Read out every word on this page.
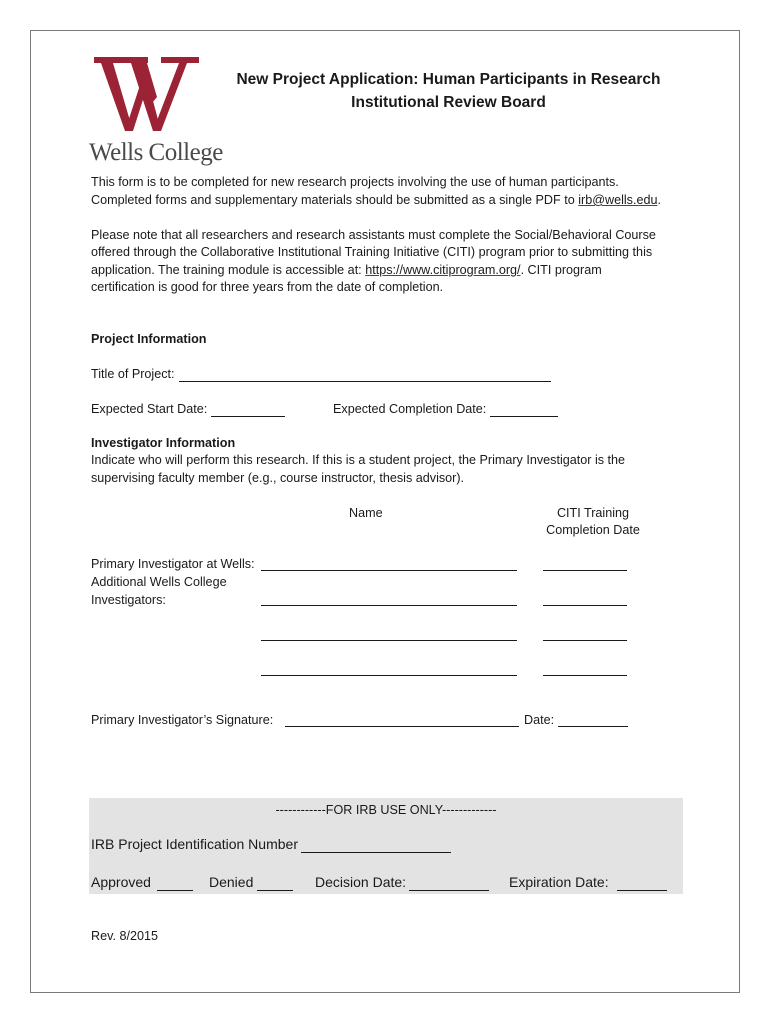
Wells College
New Project Application: Human Participants in Research
Institutional Review Board
This form is to be completed for new research projects involving the use of human participants.
Completed forms and supplementary materials should be submitted as a single PDF to irb@wells.edu.
Please note that all researchers and research assistants must complete the Social/Behavioral Course
offered through the Collaborative Institutional Training Initiative (CITI) program prior to submitting this
application. The training module is accessible at: https://www.citiprogram.org/. CITI program
certification is good for three years from the date of completion.
Project Information
Title of Project:
Expected Start Date:	Expected Completion Date:
Investigator Information
Indicate who will perform this research. If this is a student project, the Primary Investigator is the
supervising faculty member (e.g., course instructor, thesis advisor).
Name	CITI Training
Completion Date
Primary Investigator at Wells:
Additional Wells College
Investigators:
Primary Investigator’s Signature:	Date:
------------FOR IRB USE ONLY-------------
IRB Project Identification Number
Approved	Denied	Decision Date:	Expiration Date:
Rev. 8/2015
